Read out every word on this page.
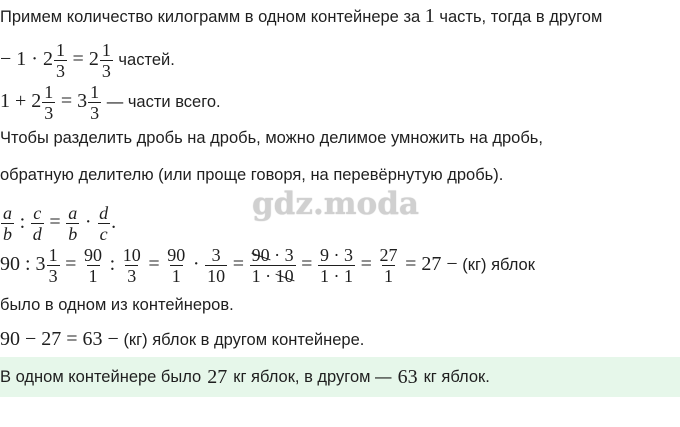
Примем количество килограмм в одном контейнере за 1 часть, тогда в другом
− $1 \cdot 2 \frac{1}{3} = 2 \frac{1}{3}$ частей.
$1 + 2 \frac{1}{3} = 3 \frac{1}{3}$ — части всего.
Чтобы разделить дробь на дробь, можно делимое умножить на дробь,
обратную делителю (или проще говоря, на перевёрнутую дробь).
gdz.moda
$\frac{a}{b}$ : $\frac{c}{d} = \frac{a}{b} \cdot \frac{d}{c}$ .
90 : $3 \frac{1}{3} = \frac{90}{1}$ : $\frac{10}{3} = \frac{90}{1} \cdot \frac{3}{10} = \frac{90 \cdot 3}{1 \cdot 10} = \frac{9 \cdot 3}{1 \cdot 1} = \frac{27}{1} = 27 - (кг)$ яблок
было в одном из контейнеров.
90 − 27 = 63 − (кг) яблок в другом контейнере.
В одном контейнере было 27 кг яблок, в другом — 63 кг яблок.
